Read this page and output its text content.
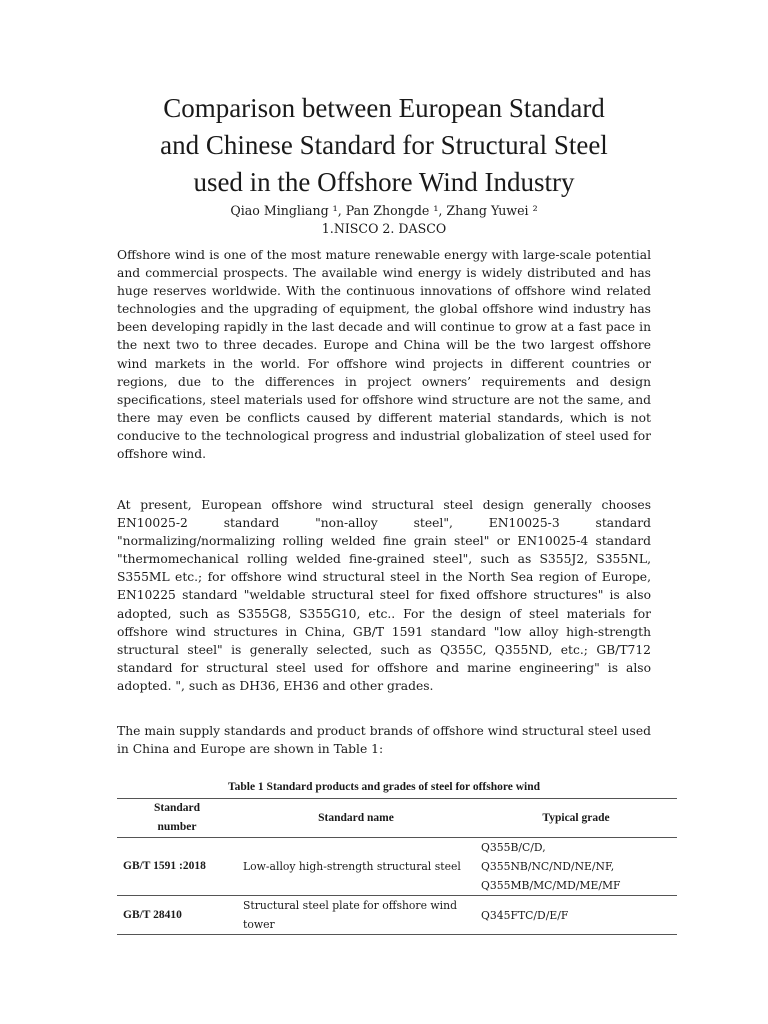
Comparison between European Standard
and Chinese Standard for Structural Steel
used in the Offshore Wind Industry
Qiao Mingliang ¹, Pan Zhongde ¹, Zhang Yuwei ²
1.NISCO 2. DASCO

Offshore wind is one of the most mature renewable energy with large-scale potential and commercial prospects. The available wind energy is widely distributed and has huge reserves worldwide. With the continuous innovations of offshore wind related technologies and the upgrading of equipment, the global offshore wind industry has been developing rapidly in the last decade and will continue to grow at a fast pace in the next two to three decades. Europe and China will be the two largest offshore wind markets in the world. For offshore wind projects in different countries or regions, due to the differences in project owners’ requirements and design specifications, steel materials used for offshore wind structure are not the same, and there may even be conflicts caused by different material standards, which is not conducive to the technological progress and industrial globalization of steel used for offshore wind.

At present, European offshore wind structural steel design generally chooses EN10025-2 standard "non-alloy steel", EN10025-3 standard "normalizing/normalizing rolling welded fine grain steel" or EN10025-4 standard "thermomechanical rolling welded fine-grained steel", such as S355J2, S355NL, S355ML etc.; for offshore wind structural steel in the North Sea region of Europe, EN10225 standard "weldable structural steel for fixed offshore structures" is also adopted, such as S355G8, S355G10, etc.. For the design of steel materials for offshore wind structures in China, GB/T 1591 standard "low alloy high-strength structural steel" is generally selected, such as Q355C, Q355ND, etc.; GB/T712 standard for structural steel used for offshore and marine engineering" is also adopted. ", such as DH36, EH36 and other grades.

The main supply standards and product brands of offshore wind structural steel used in China and Europe are shown in Table 1:

Table 1 Standard products and grades of steel for offshore wind
Standard
number	Standard name	Typical grade
GB/T 1591 :2018	Low-alloy high-strength structural steel	Q355B/C/D,
Q355NB/NC/ND/NE/NF,
Q355MB/MC/MD/ME/MF

GB/T 28410	Structural steel plate for offshore wind
tower	Q345FTC/D/E/F
